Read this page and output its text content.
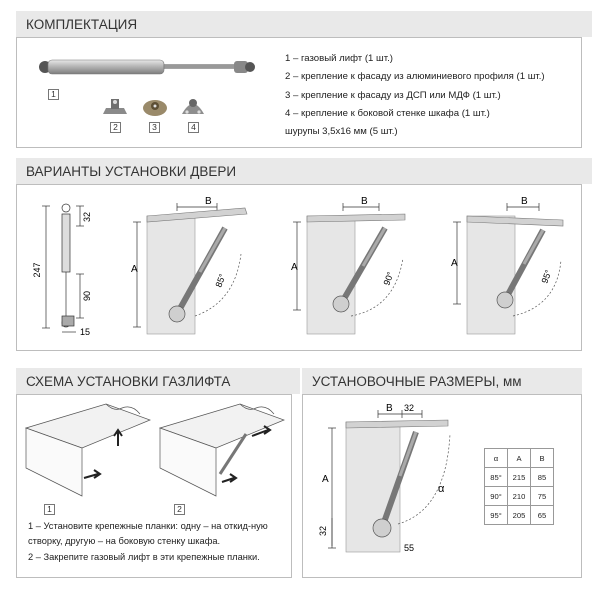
КОМПЛЕКТАЦИЯ
ВАРИАНТЫ УСТАНОВКИ ДВЕРИ
СХЕМА УСТАНОВКИ ГАЗЛИФТА	УСТАНОВОЧНЫЕ РАЗМЕРЫ, мм
1
2	3	4
1 – газовый лифт (1 шт.)
2 – крепление к фасаду из алюминиевого профиля (1 шт.)
3 – крепление к фасаду из ДСП или МДФ (1 шт.)
4 – крепление к боковой стенке шкафа (1 шт.)
шурупы 3,5х16 мм (5 шт.)
247
32
90
15
A
B
85°
A
B
90°
A
B
95°
1	2
1 – Установите крепежные планки: одну – на откид-ную створку, другую – на боковую стенку шкафа.
2 – Закрепите газовый лифт в эти крепежные планки.
B 32
A
α
32
55
α	A	B
85°	215	85
90°	210	75
95°	205	65
